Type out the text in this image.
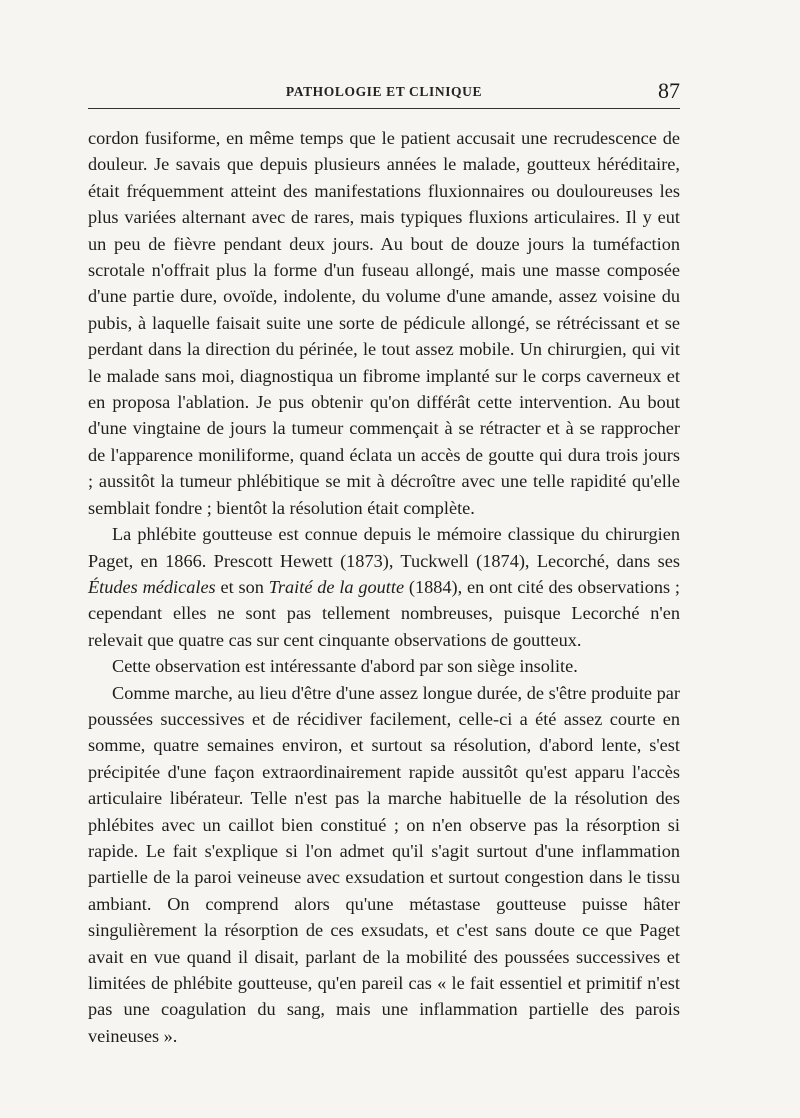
PATHOLOGIE ET CLINIQUE	87

cordon fusiforme, en même temps que le patient accusait une recrudescence de douleur. Je savais que depuis plusieurs années le malade, goutteux héréditaire, était fréquemment atteint des manifestations fluxionnaires ou douloureuses les plus variées alternant avec de rares, mais typiques fluxions articulaires. Il y eut un peu de fièvre pendant deux jours. Au bout de douze jours la tuméfaction scrotale n'offrait plus la forme d'un fuseau allongé, mais une masse composée d'une partie dure, ovoïde, indolente, du volume d'une amande, assez voisine du pubis, à laquelle faisait suite une sorte de pédicule allongé, se rétrécissant et se perdant dans la direction du périnée, le tout assez mobile. Un chirurgien, qui vit le malade sans moi, diagnostiqua un fibrome implanté sur le corps caverneux et en proposa l'ablation. Je pus obtenir qu'on différât cette intervention. Au bout d'une vingtaine de jours la tumeur commençait à se rétracter et à se rapprocher de l'apparence moniliforme, quand éclata un accès de goutte qui dura trois jours ; aussitôt la tumeur phlébitique se mit à décroître avec une telle rapidité qu'elle semblait fondre ; bientôt la résolution était complète.

La phlébite goutteuse est connue depuis le mémoire classique du chirurgien Paget, en 1866. Prescott Hewett (1873), Tuckwell (1874), Lecorché, dans ses Études médicales et son Traité de la goutte (1884), en ont cité des observations ; cependant elles ne sont pas tellement nombreuses, puisque Lecorché n'en relevait que quatre cas sur cent cinquante observations de goutteux.

Cette observation est intéressante d'abord par son siège insolite.

Comme marche, au lieu d'être d'une assez longue durée, de s'être produite par poussées successives et de récidiver facilement, celle-ci a été assez courte en somme, quatre semaines environ, et surtout sa résolution, d'abord lente, s'est précipitée d'une façon extraordinairement rapide aussitôt qu'est apparu l'accès articulaire libérateur. Telle n'est pas la marche habituelle de la résolution des phlébites avec un caillot bien constitué ; on n'en observe pas la résorption si rapide. Le fait s'explique si l'on admet qu'il s'agit surtout d'une inflammation partielle de la paroi veineuse avec exsudation et surtout congestion dans le tissu ambiant. On comprend alors qu'une métastase goutteuse puisse hâter singulièrement la résorption de ces exsudats, et c'est sans doute ce que Paget avait en vue quand il disait, parlant de la mobilité des poussées successives et limitées de phlébite goutteuse, qu'en pareil cas « le fait essentiel et primitif n'est pas une coagulation du sang, mais une inflammation partielle des parois veineuses ».
